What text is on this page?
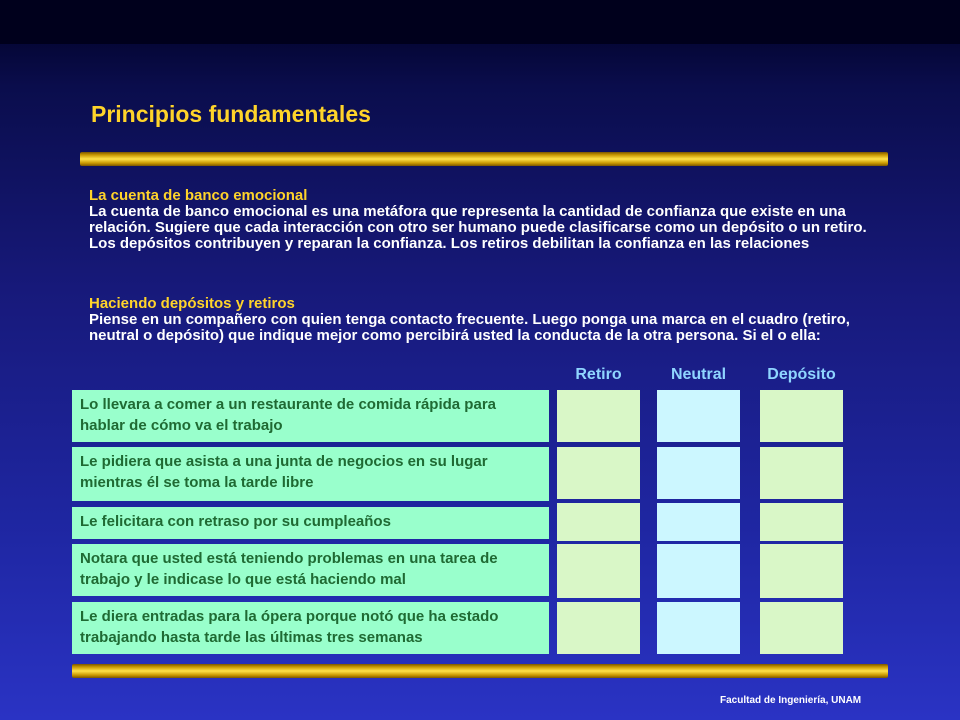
Principios fundamentales
La cuenta de banco emocional
La cuenta de banco emocional es una metáfora que representa la cantidad de confianza que existe en una relación. Sugiere que cada interacción con otro ser humano puede clasificarse como un depósito o un retiro. Los depósitos contribuyen y reparan la confianza. Los retiros debilitan la confianza en las relaciones
Haciendo depósitos y retiros
Piense en un compañero con quien tenga contacto frecuente. Luego ponga una marca en el cuadro (retiro, neutral o depósito) que indique mejor como percibirá usted la conducta de la otra persona. Si el o ella:
Retiro	Neutral	Depósito
Lo llevara a comer a un restaurante de comida rápida para hablar de cómo va el trabajo
Le pidiera que asista a una junta de negocios en su lugar mientras él se toma la tarde libre
Le felicitara con retraso por su cumpleaños
Notara que usted está teniendo problemas en una tarea de trabajo y le indicase lo que está haciendo mal
Le diera entradas para la ópera porque notó que ha estado trabajando hasta tarde las últimas tres semanas
Facultad de Ingeniería, UNAM
